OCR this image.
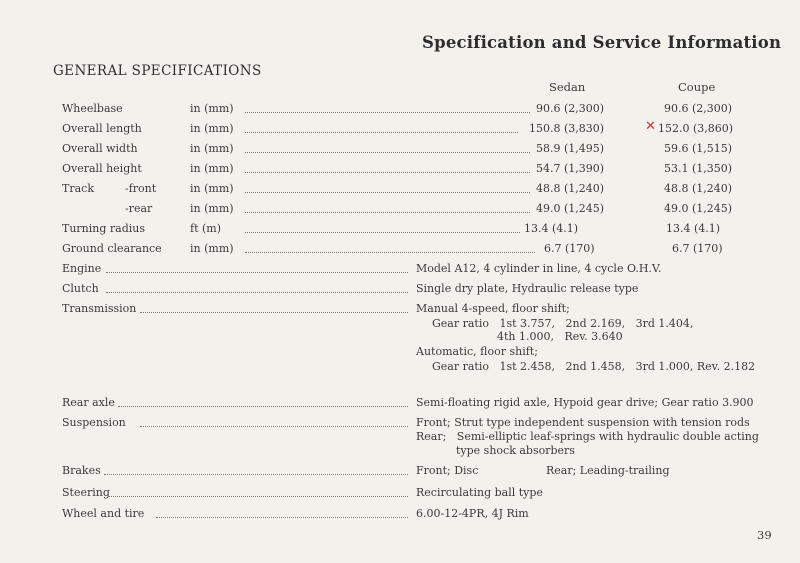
Specification and Service Information
GENERAL SPECIFICATIONS
Sedan	Coupe
Wheelbase	in (mm)	90.6 (2,300)	90.6 (2,300)
Overall length	in (mm)	150.8 (3,830)	✕ 152.0 (3,860)
Overall width	in (mm)	58.9 (1,495)	59.6 (1,515)
Overall height	in (mm)	54.7 (1,390)	53.1 (1,350)
Track	-front	in (mm)	48.8 (1,240)	48.8 (1,240)
-rear	in (mm)	49.0 (1,245)	49.0 (1,245)
Turning radius	ft (m)	13.4 (4.1)	13.4 (4.1)
Ground clearance	in (mm)	6.7 (170)	6.7 (170)
Engine	Model A12, 4 cylinder in line, 4 cycle O.H.V.
Clutch	Single dry plate, Hydraulic release type
Transmission	Manual 4-speed, floor shift;
Gear ratio   1st 3.757,   2nd 2.169,   3rd 1.404,
4th 1.000,   Rev. 3.640
Automatic, floor shift;
Gear ratio   1st 2.458,   2nd 1.458,   3rd 1.000, Rev. 2.182
Rear axle	Semi-floating rigid axle, Hypoid gear drive; Gear ratio 3.900
Suspension	Front; Strut type independent suspension with tension rods
Rear;   Semi-elliptic leaf-springs with hydraulic double acting
type shock absorbers
Brakes	Front; Disc	Rear; Leading-trailing
Steering	Recirculating ball type
Wheel and tire	6.00-12-4PR, 4J Rim
39
